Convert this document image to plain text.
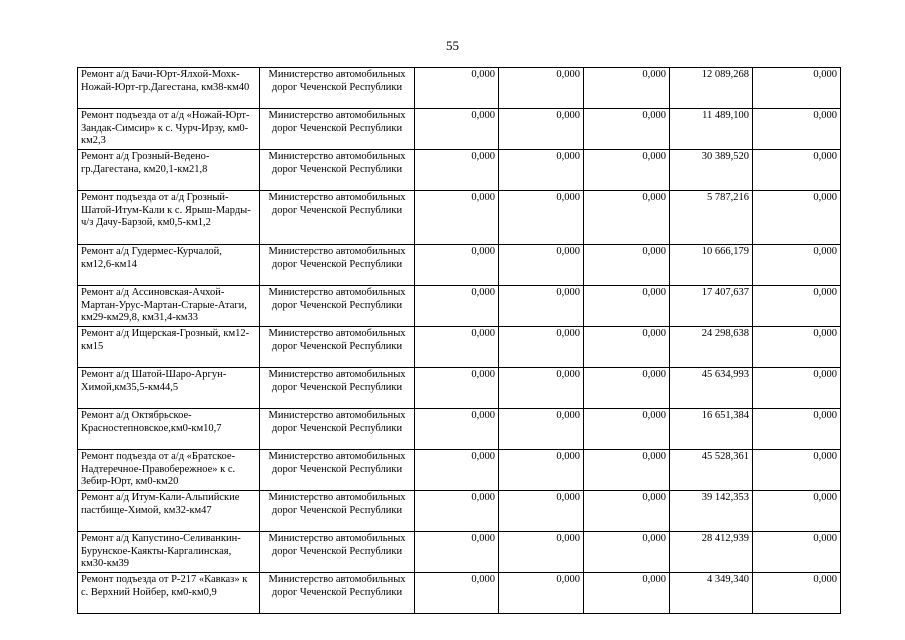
55
Ремонт а/д Бачи-Юрт-Ялхой-Мохк-Ножай-Юрт-гр.Дагестана, км38-км40	Министерство автомобильных дорог Чеченской Республики	0,000	0,000	0,000	12 089,268	0,000
Ремонт подъезда от а/д «Ножай-Юрт-Зандак-Симсир» к с. Чурч-Ирзу, км0-км2,3	Министерство автомобильных дорог Чеченской Республики	0,000	0,000	0,000	11 489,100	0,000
Ремонт а/д Грозный-Ведено-гр.Дагестана, км20,1-км21,8	Министерство автомобильных дорог Чеченской Республики	0,000	0,000	0,000	30 389,520	0,000
Ремонт подъезда от а/д Грозный-Шатой-Итум-Кали к с. Ярыш-Марды-ч/з Дачу-Барзой, км0,5-км1,2	Министерство автомобильных дорог Чеченской Республики	0,000	0,000	0,000	5 787,216	0,000
Ремонт а/д Гудермес-Курчалой, км12,6-км14	Министерство автомобильных дорог Чеченской Республики	0,000	0,000	0,000	10 666,179	0,000
Ремонт а/д Ассиновская-Ачхой-Мартан-Урус-Мартан-Старые-Атаги, км29-км29,8, км31,4-км33	Министерство автомобильных дорог Чеченской Республики	0,000	0,000	0,000	17 407,637	0,000
Ремонт а/д Ищерская-Грозный, км12-км15	Министерство автомобильных дорог Чеченской Республики	0,000	0,000	0,000	24 298,638	0,000
Ремонт а/д Шатой-Шаро-Аргун-Химой,км35,5-км44,5	Министерство автомобильных дорог Чеченской Республики	0,000	0,000	0,000	45 634,993	0,000
Ремонт а/д Октябрьское-Красностепновское,км0-км10,7	Министерство автомобильных дорог Чеченской Республики	0,000	0,000	0,000	16 651,384	0,000
Ремонт подъезда от а/д «Братское-Надтеречное-Правобережное» к с. Зебир-Юрт, км0-км20	Министерство автомобильных дорог Чеченской Республики	0,000	0,000	0,000	45 528,361	0,000
Ремонт а/д Итум-Кали-Альпийские пастбище-Химой, км32-км47	Министерство автомобильных дорог Чеченской Республики	0,000	0,000	0,000	39 142,353	0,000
Ремонт а/д Капустино-Селиванкин-Бурунское-Каякты-Каргалинская, км30-км39	Министерство автомобильных дорог Чеченской Республики	0,000	0,000	0,000	28 412,939	0,000
Ремонт подъезда от Р-217 «Кавказ» к с. Верхний Нойбер, км0-км0,9	Министерство автомобильных дорог Чеченской Республики	0,000	0,000	0,000	4 349,340	0,000
